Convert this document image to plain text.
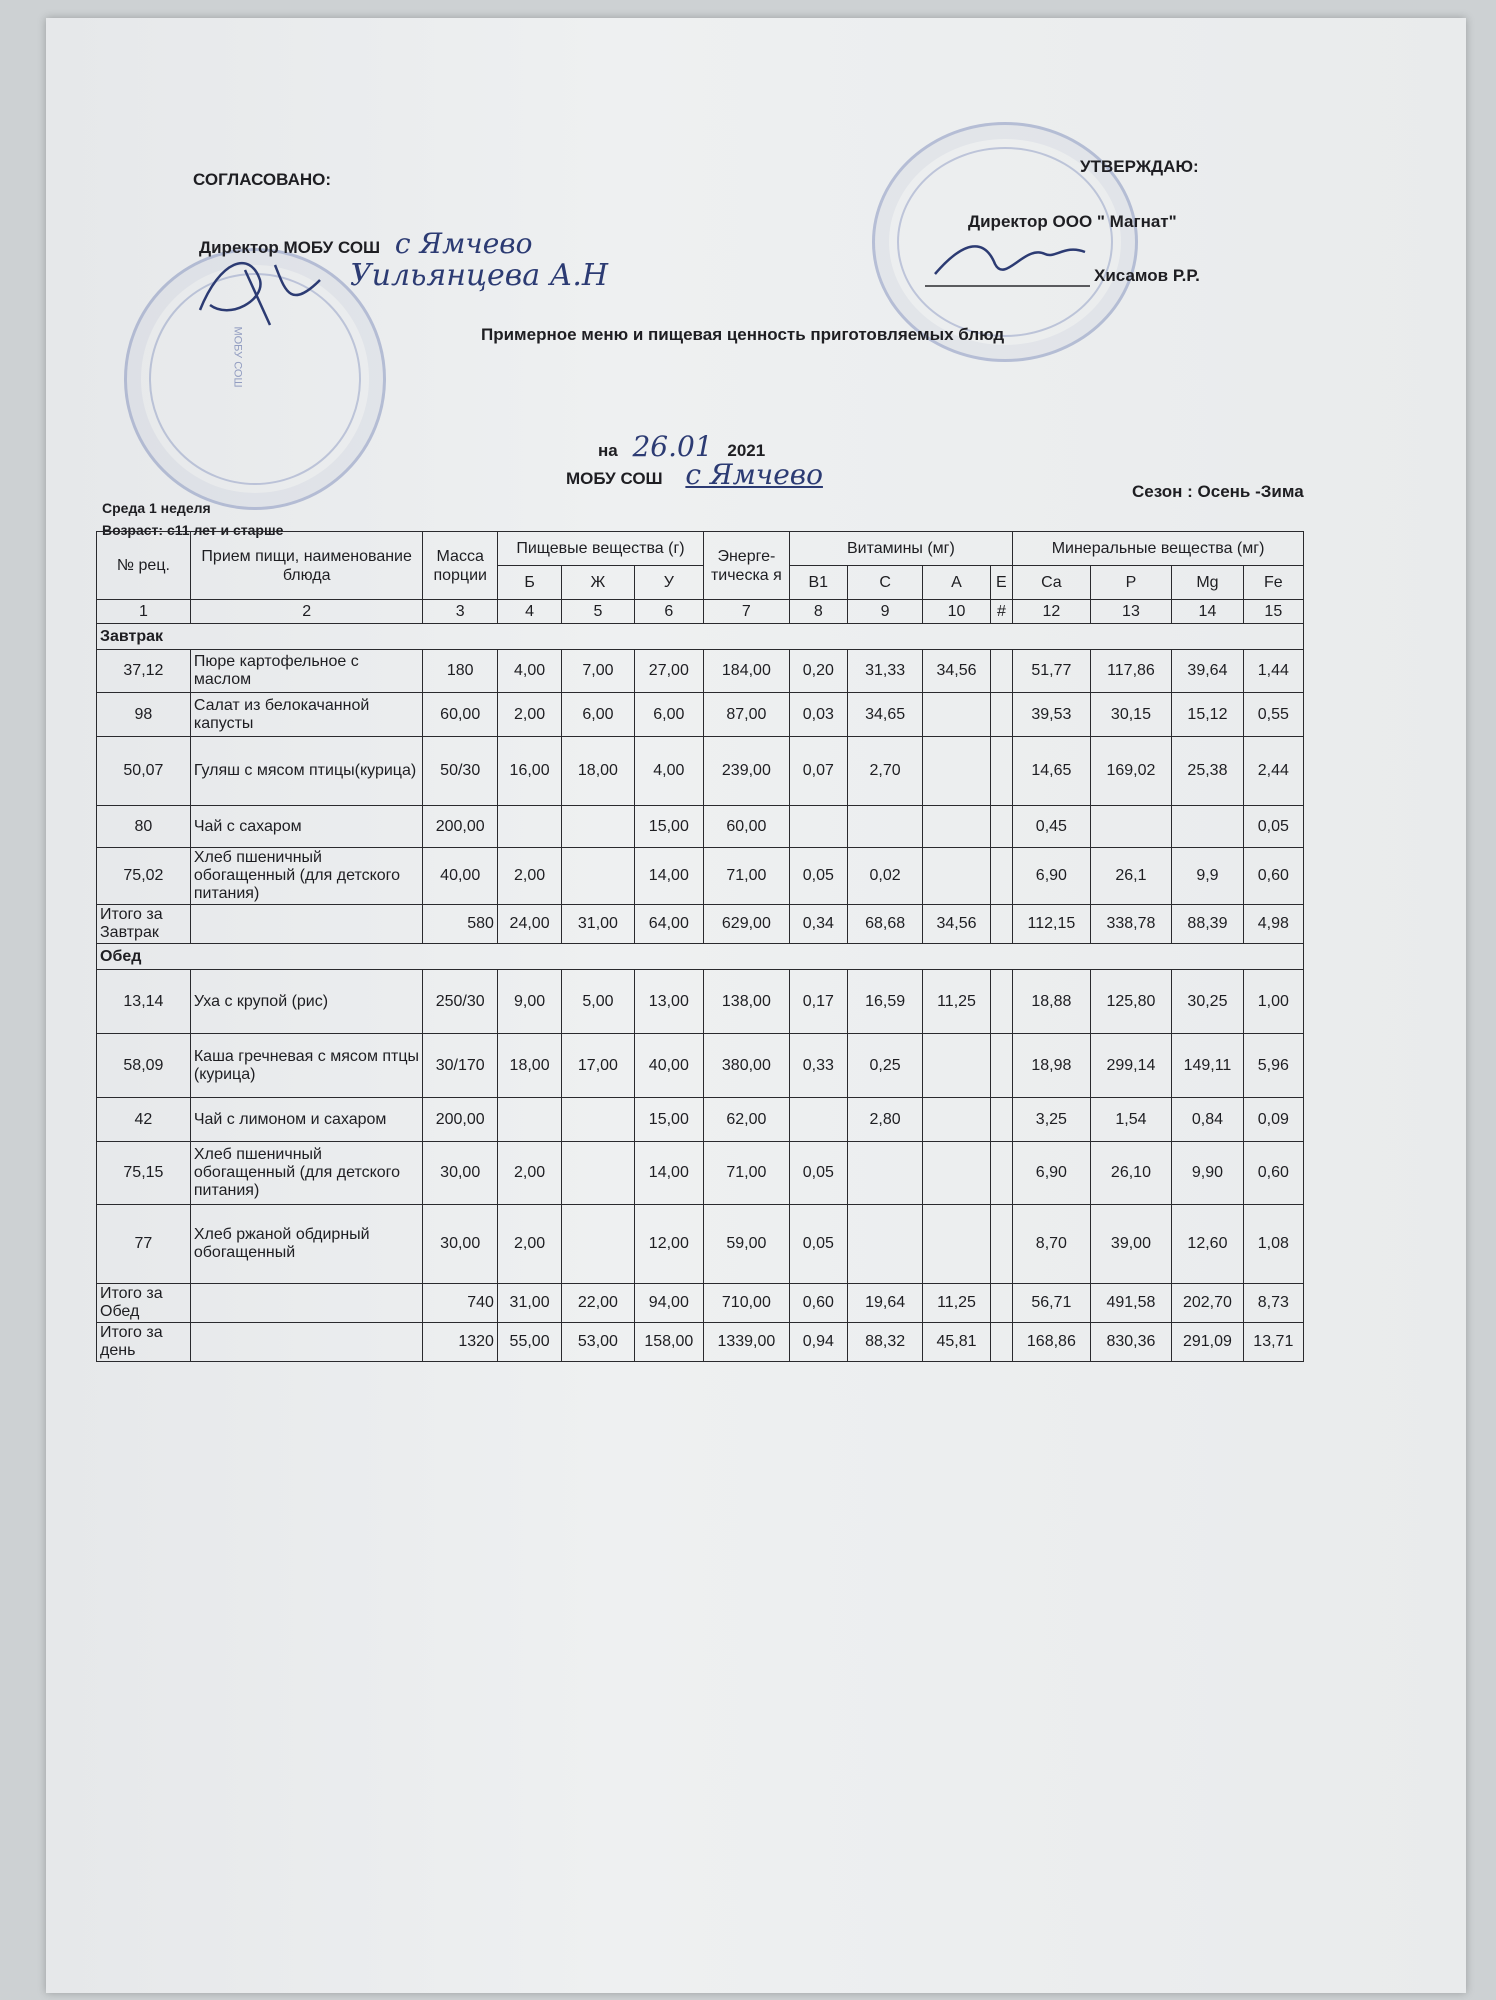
МОБУ СОШ
СОГЛАСОВАНО:
Директор МОБУ СОШ с Ямчево
Уильянцева А.Н
УТВЕРЖДАЮ:
Директор ООО " Магнат"
Хисамов Р.Р.
Примерное меню и пищевая ценность приготовляемых блюд
на 26.01 2021
МОБУ СОШ с Ямчево
Сезон : Осень -Зима
Среда 1 неделя
Возраст: с11 лет и старше
№ рец.	Прием пищи, наименование блюда	Масса порции	Пищевые вещества (г)			Энерге-тическа я	Витамины (мг)				Минеральные вещества (мг)			
			Б	Ж	У		B1	C	A	E	Ca	P	Mg	Fe
1	2	3	4	5	6	7	8	9	10	#	12	13	14	15
Завтрак														
37,12	Пюре картофельное с маслом	180	4,00	7,00	27,00	184,00	0,20	31,33	34,56		51,77	117,86	39,64	1,44
98	Салат из белокачанной капусты	60,00	2,00	6,00	6,00	87,00	0,03	34,65			39,53	30,15	15,12	0,55
50,07	Гуляш с мясом птицы(курица)	50/30	16,00	18,00	4,00	239,00	0,07	2,70			14,65	169,02	25,38	2,44
80	Чай с сахаром	200,00			15,00	60,00					0,45			0,05
75,02	Хлеб пшеничный обогащенный (для детского питания)	40,00	2,00		14,00	71,00	0,05	0,02			6,90	26,1	9,9	0,60
Итого за Завтрак		580	24,00	31,00	64,00	629,00	0,34	68,68	34,56		112,15	338,78	88,39	4,98
Обед														
13,14	Уха с крупой (рис)	250/30	9,00	5,00	13,00	138,00	0,17	16,59	11,25		18,88	125,80	30,25	1,00
58,09	Каша гречневая с мясом птцы (курица)	30/170	18,00	17,00	40,00	380,00	0,33	0,25			18,98	299,14	149,11	5,96
42	Чай с лимоном и сахаром	200,00			15,00	62,00		2,80			3,25	1,54	0,84	0,09
75,15	Хлеб пшеничный обогащенный (для детского питания)	30,00	2,00		14,00	71,00	0,05				6,90	26,10	9,90	0,60
77	Хлеб ржаной обдирный обогащенный	30,00	2,00		12,00	59,00	0,05				8,70	39,00	12,60	1,08
Итого за Обед		740	31,00	22,00	94,00	710,00	0,60	19,64	11,25		56,71	491,58	202,70	8,73
Итого за день		1320	55,00	53,00	158,00	1339,00	0,94	88,32	45,81		168,86	830,36	291,09	13,71
